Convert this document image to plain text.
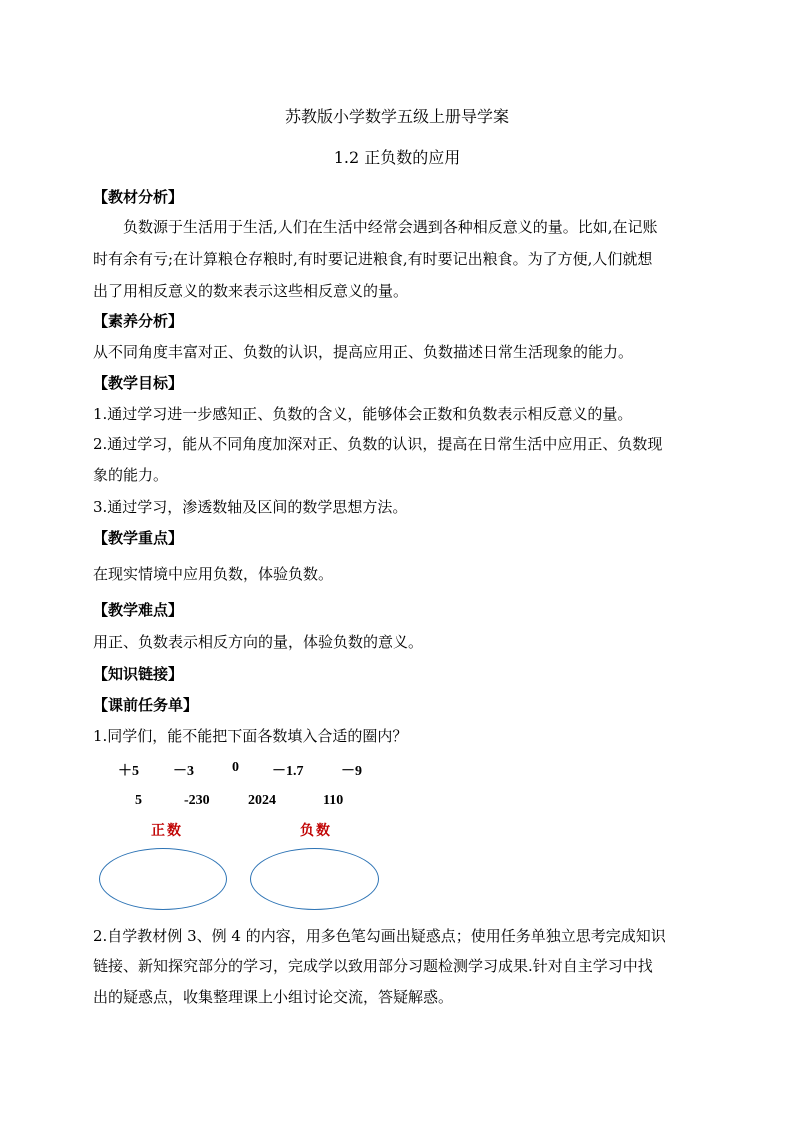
苏教版小学数学五级上册导学案
1.2 正负数的应用
【教材分析】
负数源于生活用于生活,人们在生活中经常会遇到各种相反意义的量。比如,在记账
时有余有亏;在计算粮仓存粮时,有时要记进粮食,有时要记出粮食。为了方便,人们就想
出了用相反意义的数来表示这些相反意义的量。
【素养分析】
从不同角度丰富对正、负数的认识，提高应用正、负数描述日常生活现象的能力。
【教学目标】
1.通过学习进一步感知正、负数的含义，能够体会正数和负数表示相反意义的量。
2.通过学习，能从不同角度加深对正、负数的认识，提高在日常生活中应用正、负数现
象的能力。
3.通过学习，渗透数轴及区间的数学思想方法。
【教学重点】
在现实情境中应用负数，体验负数。
【教学难点】
用正、负数表示相反方向的量，体验负数的意义。
【知识链接】
【课前任务单】
1.同学们，能不能把下面各数填入合适的圈内？
＋5 －3	0 －1.7	－9
5	-230	2024	110
正数	负数
2.自学教材例 3、例 4 的内容，用多色笔勾画出疑惑点；使用任务单独立思考完成知识
链接、新知探究部分的学习，完成学以致用部分习题检测学习成果.针对自主学习中找
出的疑惑点，收集整理课上小组讨论交流，答疑解惑。
